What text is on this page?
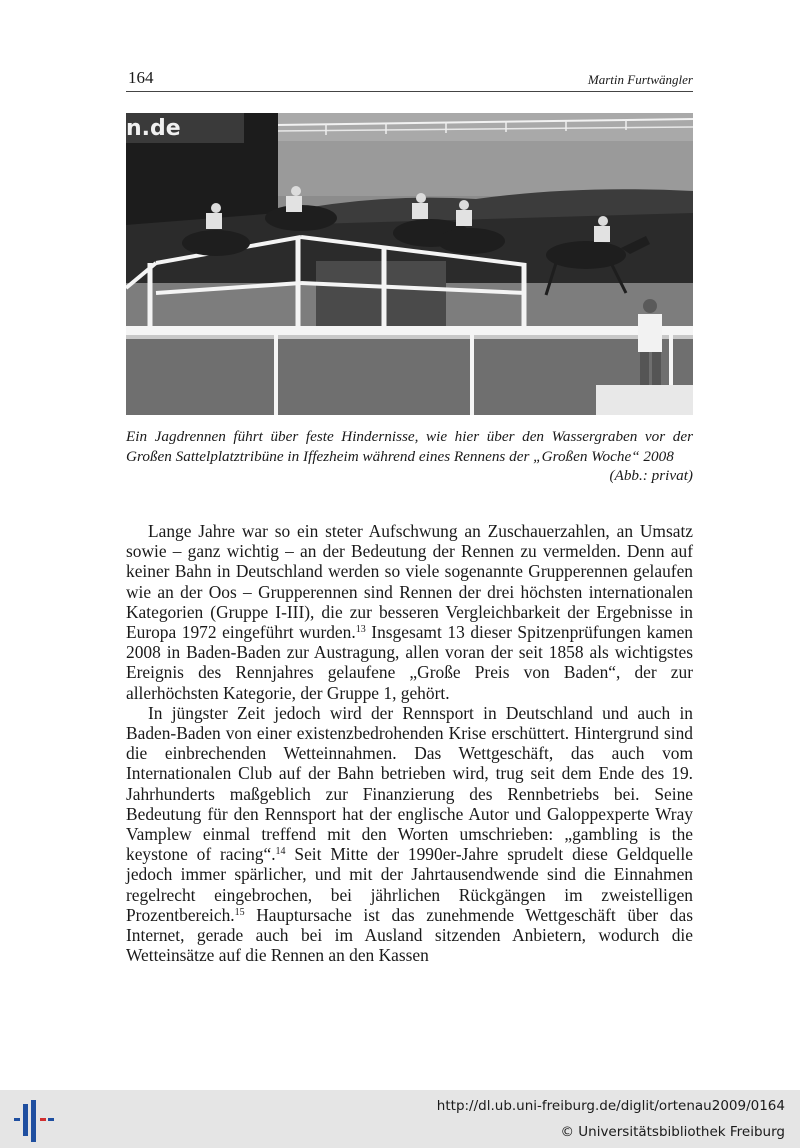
164	Martin Furtwängler
n.de
Ein Jagdrennen führt über feste Hindernisse, wie hier über den Wassergraben vor der Großen Sattelplatztribüne in Iffezheim während eines Rennens der „Großen Woche“ 2008
(Abb.: privat)

Lange Jahre war so ein steter Aufschwung an Zuschauerzahlen, an Umsatz sowie – ganz wichtig – an der Bedeutung der Rennen zu vermelden. Denn auf keiner Bahn in Deutschland werden so viele sogenannte Grupperennen gelaufen wie an der Oos – Grupperennen sind Rennen der drei höchsten internationalen Kategorien (Gruppe I-III), die zur besseren Vergleichbarkeit der Ergebnisse in Europa 1972 eingeführt wurden.$^{13}$ Insgesamt 13 dieser Spitzenprüfungen kamen 2008 in Baden-Baden zur Austragung, allen voran der seit 1858 als wichtigstes Ereignis des Rennjahres gelaufene „Große Preis von Baden“, der zur allerhöchsten Kategorie, der Gruppe 1, gehört.

In jüngster Zeit jedoch wird der Rennsport in Deutschland und auch in Baden-Baden von einer existenzbedrohenden Krise erschüttert. Hintergrund sind die einbrechenden Wetteinnahmen. Das Wettgeschäft, das auch vom Internationalen Club auf der Bahn betrieben wird, trug seit dem Ende des 19. Jahrhunderts maßgeblich zur Finanzierung des Rennbetriebs bei. Seine Bedeutung für den Rennsport hat der englische Autor und Galoppexperte Wray Vamplew einmal treffend mit den Worten umschrieben: „gambling is the keystone of racing“.$^{14}$ Seit Mitte der 1990er-Jahre sprudelt diese Geldquelle jedoch immer spärlicher, und mit der Jahrtausendwende sind die Einnahmen regelrecht eingebrochen, bei jährlichen Rückgängen im zweistelligen Prozentbereich.$^{15}$ Hauptursache ist das zunehmende Wettgeschäft über das Internet, gerade auch bei im Ausland sitzenden Anbietern, wodurch die Wetteinsätze auf die Rennen an den Kassen

http://dl.ub.uni-freiburg.de/diglit/ortenau2009/0164
© Universitätsbibliothek Freiburg
